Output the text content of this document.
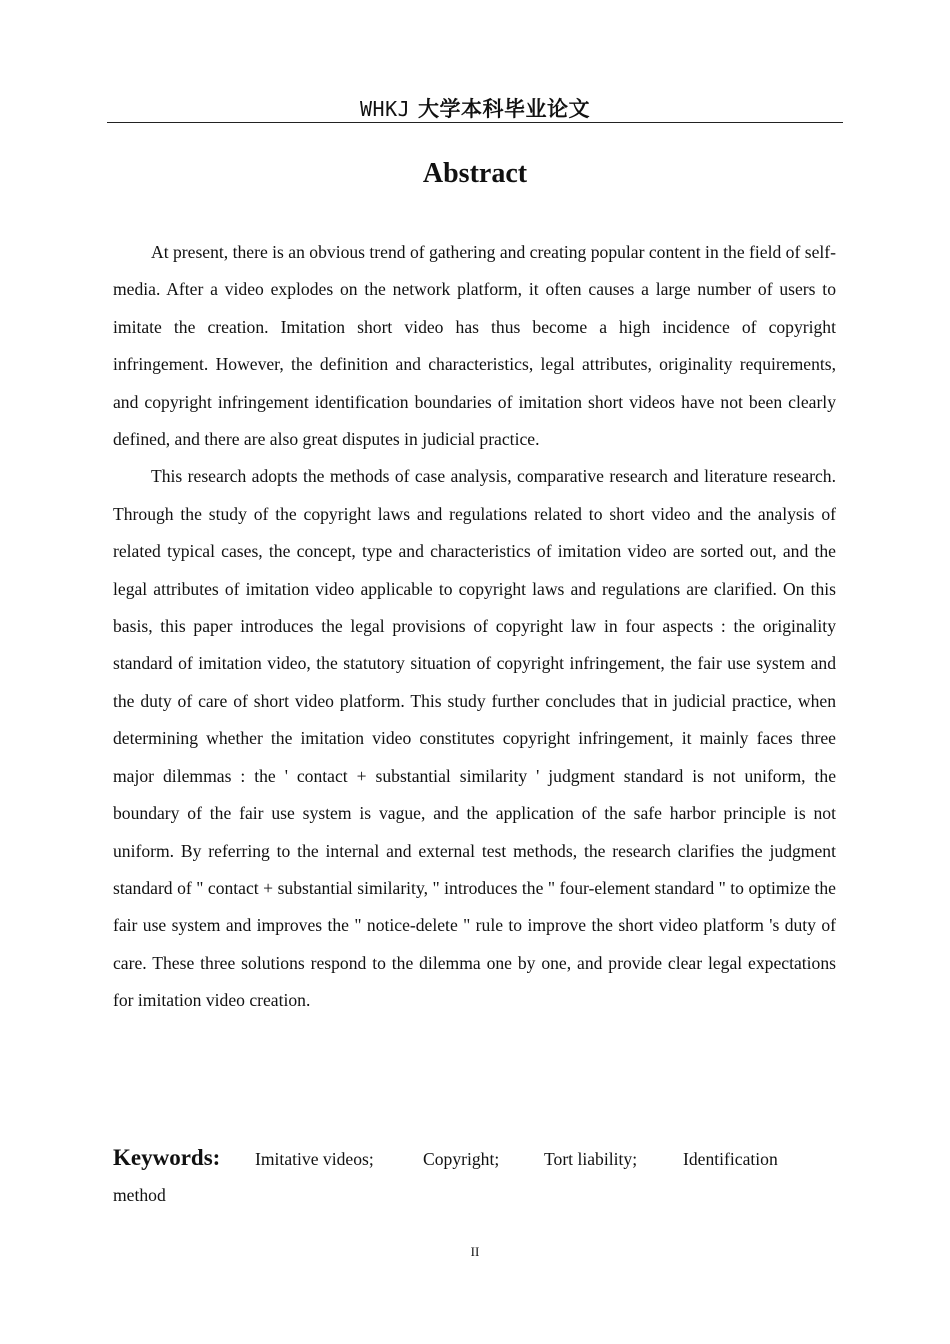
WHKJ 大学本科毕业论文
Abstract

At present, there is an obvious trend of gathering and creating popular content in the field of self-media. After a video explodes on the network platform, it often causes a large number of users to imitate the creation. Imitation short video has thus become a high incidence of copyright infringement. However, the definition and characteristics, legal attributes, originality requirements, and copyright infringement identification boundaries of imitation short videos have not been clearly defined, and there are also great disputes in judicial practice.

This research adopts the methods of case analysis, comparative research and literature research. Through the study of the copyright laws and regulations related to short video and the analysis of related typical cases, the concept, type and characteristics of imitation video are sorted out, and the legal attributes of imitation video applicable to copyright laws and regulations are clarified. On this basis, this paper introduces the legal provisions of copyright law in four aspects : the originality standard of imitation video, the statutory situation of copyright infringement, the fair use system and the duty of care of short video platform. This study further concludes that in judicial practice, when determining whether the imitation video constitutes copyright infringement, it mainly faces three major dilemmas : the ' contact + substantial similarity ' judgment standard is not uniform, the boundary of the fair use system is vague, and the application of the safe harbor principle is not uniform. By referring to the internal and external test methods, the research clarifies the judgment standard of " contact + substantial similarity, " introduces the " four-element standard " to optimize the fair use system and improves the " notice-delete " rule to improve the short video platform 's duty of care. These three solutions respond to the dilemma one by one, and provide clear legal expectations for imitation video creation.

Keywords:	Imitative videos;	Copyright;	Tort liability;	Identification
method
II
